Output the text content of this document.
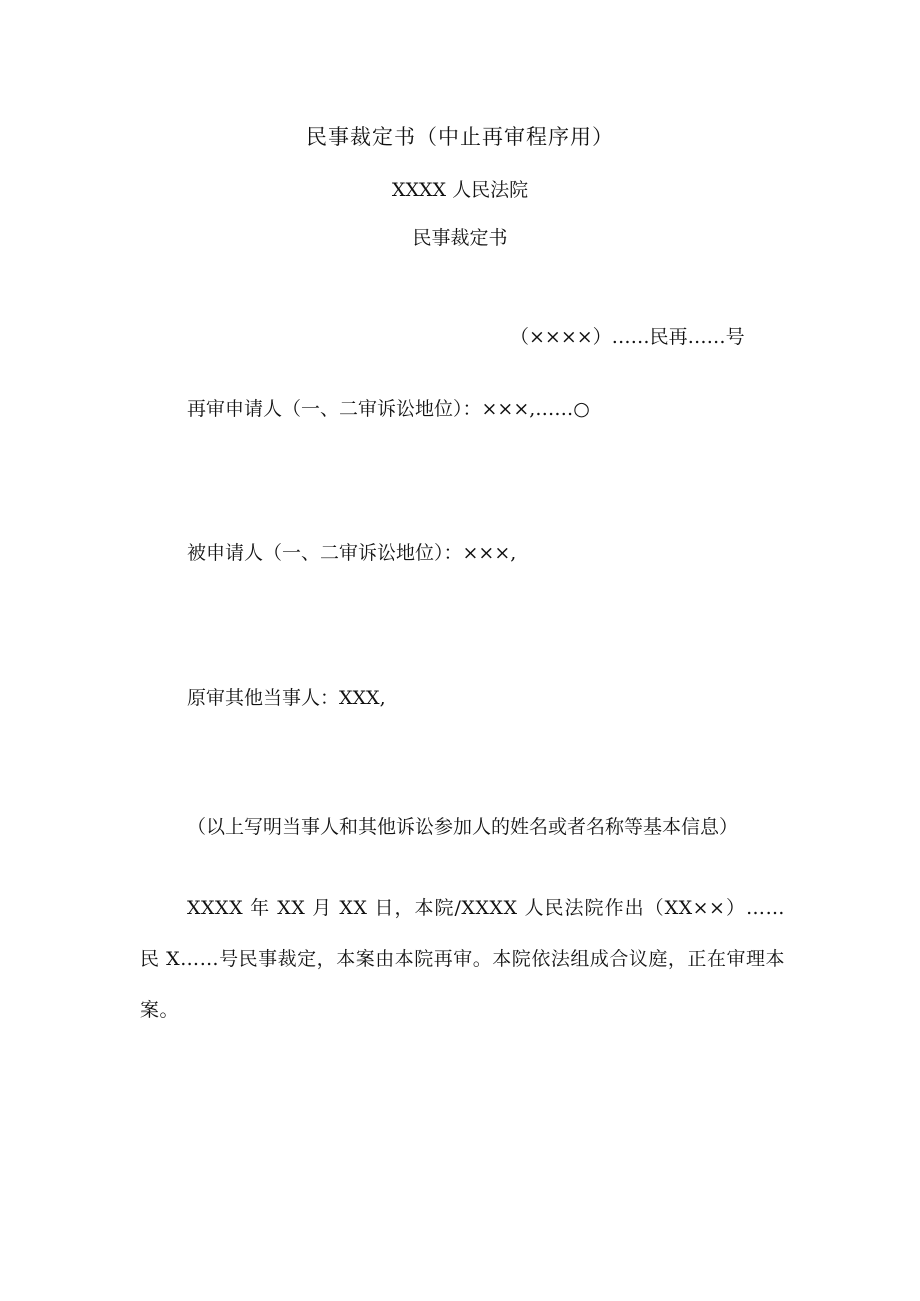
民事裁定书（中止再审程序用）
XXXX 人民法院
民事裁定书
（××××）……民再……号
再审申请人（一、二审诉讼地位）：×××,……○
被申请人（一、二审诉讼地位）：×××,
原审其他当事人：XXX,
（以上写明当事人和其他诉讼参加人的姓名或者名称等基本信息）
XXXX 年 XX 月 XX 日，本院/XXXX 人民法院作出（XX××）……民 X……号民事裁定，本案由本院再审。本院依法组成合议庭，正在审理本案。
